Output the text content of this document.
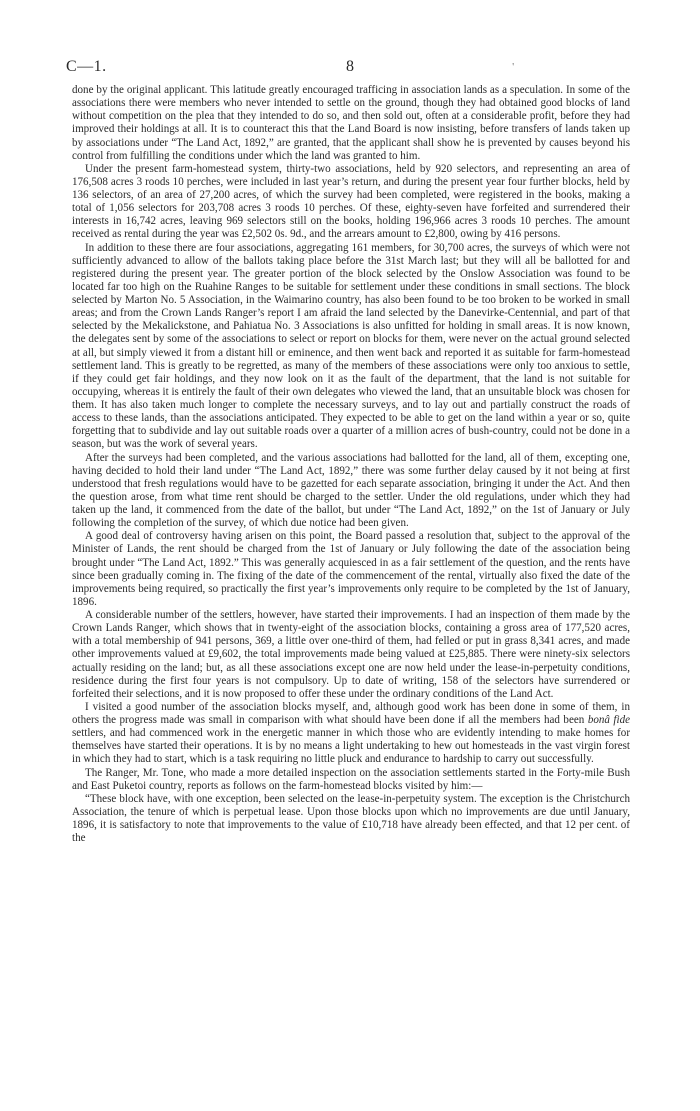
C—1.	8	'

done by the original applicant. This latitude greatly encouraged trafficing in association lands as a speculation. In some of the associations there were members who never intended to settle on the ground, though they had obtained good blocks of land without competition on the plea that they intended to do so, and then sold out, often at a considerable profit, before they had improved their holdings at all. It is to counteract this that the Land Board is now insisting, before transfers of lands taken up by associations under “The Land Act, 1892,” are granted, that the applicant shall show he is prevented by causes beyond his control from fulfilling the conditions under which the land was granted to him.

Under the present farm-homestead system, thirty-two associations, held by 920 selectors, and representing an area of 176,508 acres 3 roods 10 perches, were included in last year’s return, and during the present year four further blocks, held by 136 selectors, of an area of 27,200 acres, of which the survey had been completed, were registered in the books, making a total of 1,056 selectors for 203,708 acres 3 roods 10 perches. Of these, eighty-seven have forfeited and surrendered their interests in 16,742 acres, leaving 969 selectors still on the books, holding 196,966 acres 3 roods 10 perches. The amount received as rental during the year was £2,502 0s. 9d., and the arrears amount to £2,800, owing by 416 persons.

In addition to these there are four associations, aggregating 161 members, for 30,700 acres, the surveys of which were not sufficiently advanced to allow of the ballots taking place before the 31st March last; but they will all be ballotted for and registered during the present year. The greater portion of the block selected by the Onslow Association was found to be located far too high on the Ruahine Ranges to be suitable for settlement under these conditions in small sections. The block selected by Marton No. 5 Association, in the Waimarino country, has also been found to be too broken to be worked in small areas; and from the Crown Lands Ranger’s report I am afraid the land selected by the Danevirke-Centennial, and part of that selected by the Mekalickstone, and Pahiatua No. 3 Associations is also unfitted for holding in small areas. It is now known, the delegates sent by some of the associations to select or report on blocks for them, were never on the actual ground selected at all, but simply viewed it from a distant hill or eminence, and then went back and reported it as suitable for farm-homestead settlement land. This is greatly to be regretted, as many of the members of these associations were only too anxious to settle, if they could get fair holdings, and they now look on it as the fault of the department, that the land is not suitable for occupying, whereas it is entirely the fault of their own delegates who viewed the land, that an unsuitable block was chosen for them. It has also taken much longer to complete the necessary surveys, and to lay out and partially construct the roads of access to these lands, than the associations anticipated. They expected to be able to get on the land within a year or so, quite forgetting that to subdivide and lay out suitable roads over a quarter of a million acres of bush-country, could not be done in a season, but was the work of several years.

After the surveys had been completed, and the various associations had ballotted for the land, all of them, excepting one, having decided to hold their land under “The Land Act, 1892,” there was some further delay caused by it not being at first understood that fresh regulations would have to be gazetted for each separate association, bringing it under the Act. And then the question arose, from what time rent should be charged to the settler. Under the old regulations, under which they had taken up the land, it commenced from the date of the ballot, but under “The Land Act, 1892,” on the 1st of January or July following the completion of the survey, of which due notice had been given.

A good deal of controversy having arisen on this point, the Board passed a resolution that, subject to the approval of the Minister of Lands, the rent should be charged from the 1st of January or July following the date of the association being brought under “The Land Act, 1892.” This was generally acquiesced in as a fair settlement of the question, and the rents have since been gradually coming in. The fixing of the date of the commencement of the rental, virtually also fixed the date of the improvements being required, so practically the first year’s improvements only require to be completed by the 1st of January, 1896.

A considerable number of the settlers, however, have started their improvements. I had an inspection of them made by the Crown Lands Ranger, which shows that in twenty-eight of the association blocks, containing a gross area of 177,520 acres, with a total membership of 941 persons, 369, a little over one-third of them, had felled or put in grass 8,341 acres, and made other improvements valued at £9,602, the total improvements made being valued at £25,885. There were ninety-six selectors actually residing on the land; but, as all these associations except one are now held under the lease-in-perpetuity conditions, residence during the first four years is not compulsory. Up to date of writing, 158 of the selectors have surrendered or forfeited their selections, and it is now proposed to offer these under the ordinary conditions of the Land Act.

I visited a good number of the association blocks myself, and, although good work has been done in some of them, in others the progress made was small in comparison with what should have been done if all the members had been bonâ fide settlers, and had commenced work in the energetic manner in which those who are evidently intending to make homes for themselves have started their operations. It is by no means a light undertaking to hew out homesteads in the vast virgin forest in which they had to start, which is a task requiring no little pluck and endurance to hardship to carry out successfully.

The Ranger, Mr. Tone, who made a more detailed inspection on the association settlements started in the Forty-mile Bush and East Puketoi country, reports as follows on the farm-homestead blocks visited by him:—

“These block have, with one exception, been selected on the lease-in-perpetuity system. The exception is the Christchurch Association, the tenure of which is perpetual lease. Upon those blocks upon which no improvements are due until January, 1896, it is satisfactory to note that improvements to the value of £10,718 have already been effected, and that 12 per cent. of the
